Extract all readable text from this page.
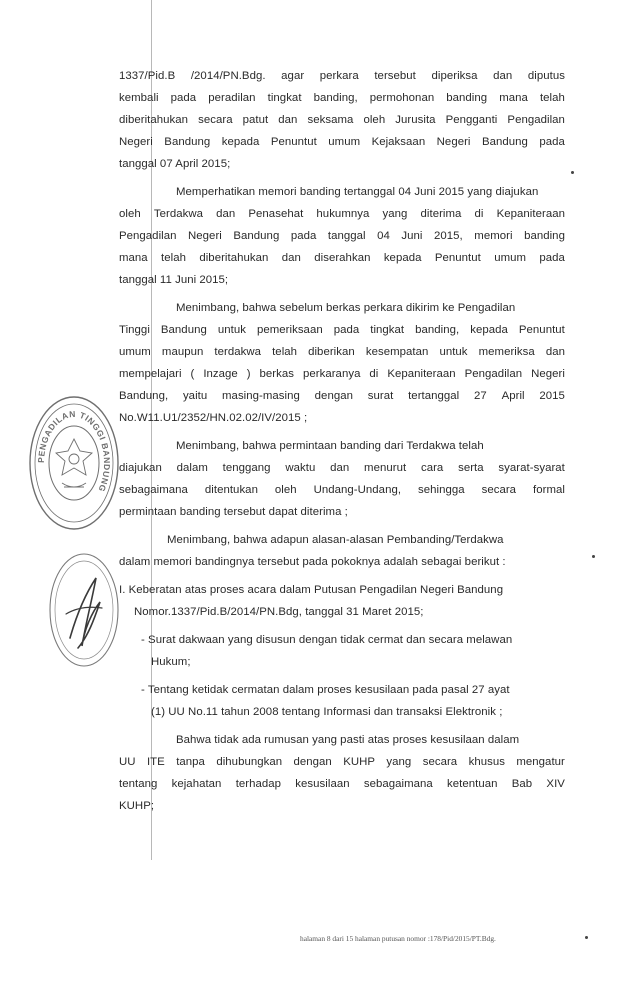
PENGADILAN TINGGI BANDUNG
1337/Pid.B /2014/PN.Bdg. agar perkara tersebut diperiksa dan diputus
kembali pada peradilan tingkat banding, permohonan banding mana telah
diberitahukan secara patut dan seksama oleh Jurusita Pengganti Pengadilan
Negeri Bandung kepada Penuntut umum Kejaksaan Negeri Bandung pada
tanggal 07 April 2015;
Memperhatikan memori banding tertanggal 04 Juni 2015 yang diajukan
oleh Terdakwa dan Penasehat hukumnya yang diterima di Kepaniteraan
Pengadilan Negeri Bandung pada tanggal 04 Juni 2015, memori banding
mana telah diberitahukan dan diserahkan kepada Penuntut umum pada
tanggal 11 Juni 2015;
Menimbang, bahwa sebelum berkas perkara dikirim ke Pengadilan
Tinggi Bandung untuk pemeriksaan pada tingkat banding, kepada Penuntut
umum maupun terdakwa telah diberikan kesempatan untuk memeriksa dan
mempelajari ( Inzage ) berkas perkaranya di Kepaniteraan Pengadilan Negeri
Bandung, yaitu masing-masing dengan surat tertanggal 27 April 2015
No.W11.U1/2352/HN.02.02/IV/2015 ;
Menimbang, bahwa permintaan banding dari Terdakwa telah
diajukan dalam tenggang waktu dan menurut cara serta syarat-syarat
sebagaimana ditentukan oleh Undang-Undang, sehingga secara formal
permintaan banding tersebut dapat diterima ;
Menimbang, bahwa adapun alasan-alasan Pembanding/Terdakwa
dalam memori bandingnya tersebut pada pokoknya adalah sebagai berikut :
I. Keberatan atas proses acara dalam Putusan Pengadilan Negeri Bandung
Nomor.1337/Pid.B/2014/PN.Bdg, tanggal 31 Maret 2015;
- Surat dakwaan yang disusun dengan tidak cermat dan secara melawan
Hukum;
- Tentang ketidak cermatan dalam proses kesusilaan pada pasal 27 ayat
(1) UU No.11 tahun 2008 tentang Informasi dan transaksi Elektronik ;
Bahwa tidak ada rumusan yang pasti atas proses kesusilaan dalam
UU ITE tanpa dihubungkan dengan KUHP yang secara khusus mengatur
tentang kejahatan terhadap kesusilaan sebagaimana ketentuan Bab XIV
KUHP;
halaman 8 dari 15 halaman putusan nomor :178/Pid/2015/PT.Bdg.
